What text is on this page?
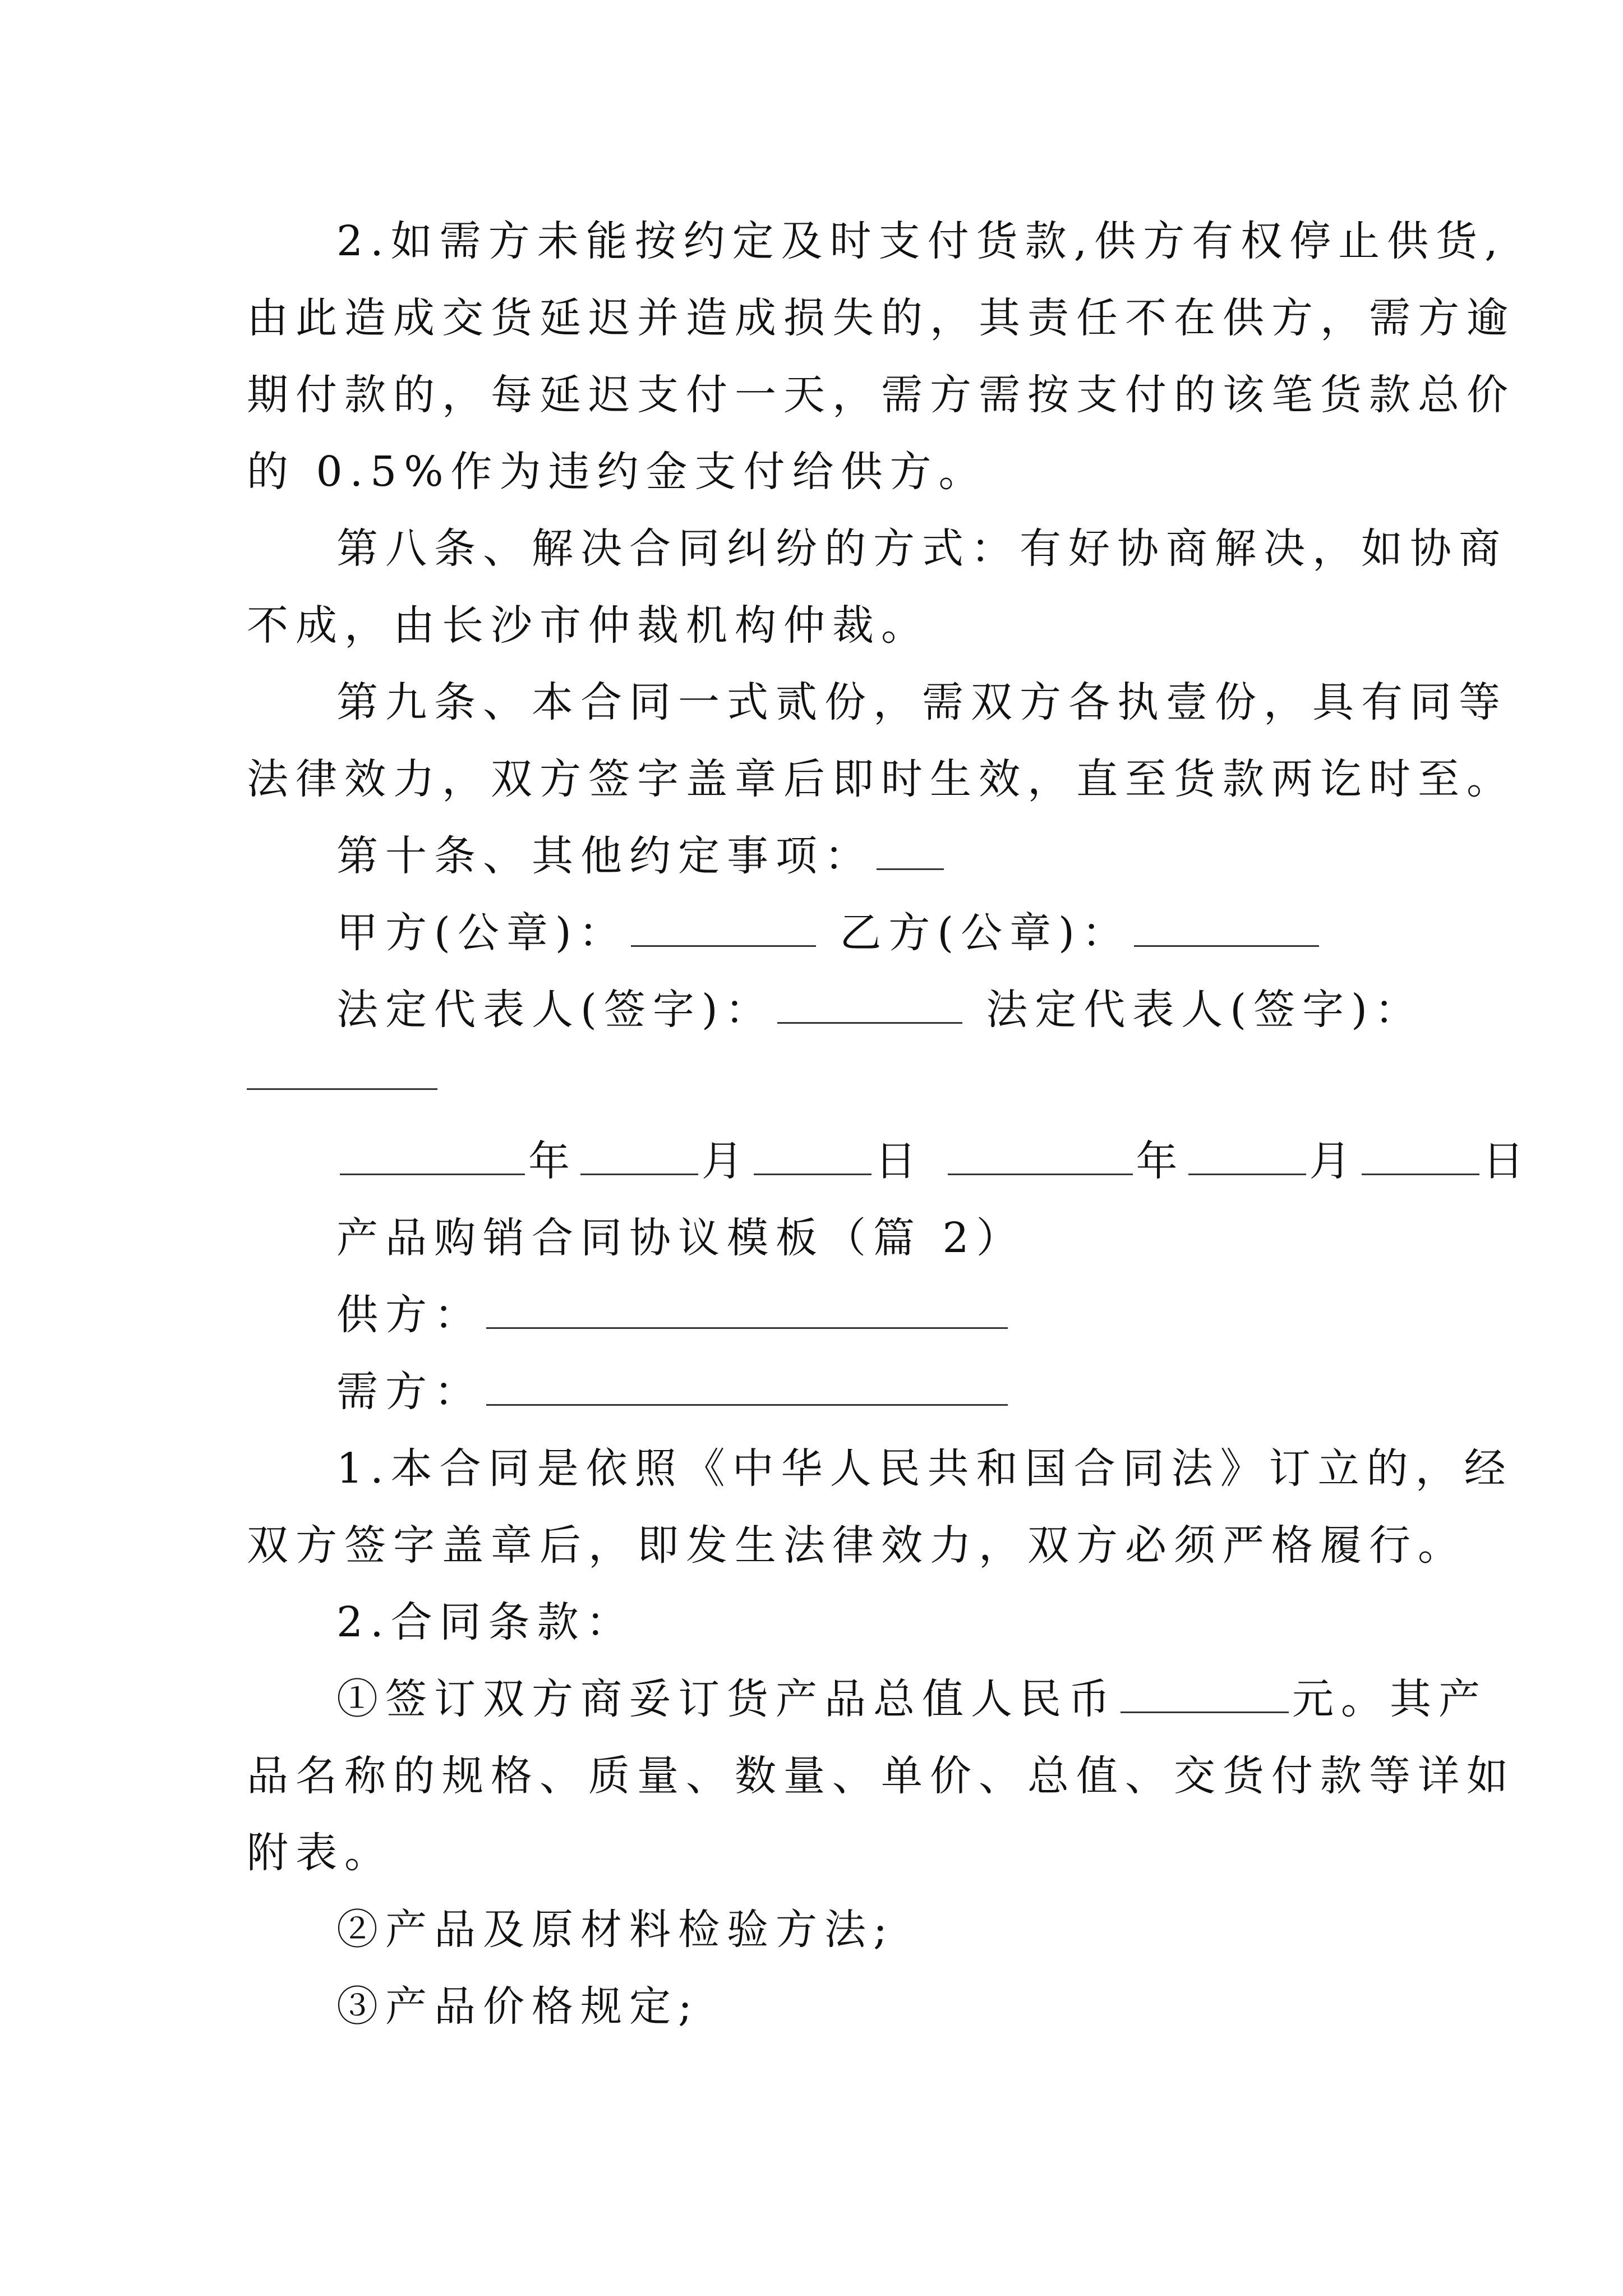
2.如需方未能按约定及时支付货款,供方有权停止供货,
由此造成交货延迟并造成损失的，其责任不在供方，需方逾
期付款的，每延迟支付一天，需方需按支付的该笔货款总价
的 0.5%作为违约金支付给供方。
第八条、解决合同纠纷的方式：有好协商解决，如协商
不成，由长沙市仲裁机构仲裁。
第九条、本合同一式贰份，需双方各执壹份，具有同等
法律效力，双方签字盖章后即时生效，直至货款两讫时至。
第十条、其他约定事项：
甲方(公章)：	乙方(公章)：
法定代表人(签字)：	法定代表人(签字)：
年	月	日	年	月	日
产品购销合同协议模板（篇 2）
供方：
需方：
1.本合同是依照《中华人民共和国合同法》订立的，经
双方签字盖章后，即发生法律效力，双方必须严格履行。
2.合同条款：
①签订双方商妥订货产品总值人民币	元。其产
品名称的规格、质量、数量、单价、总值、交货付款等详如
附表。
②产品及原材料检验方法;
③产品价格规定;
